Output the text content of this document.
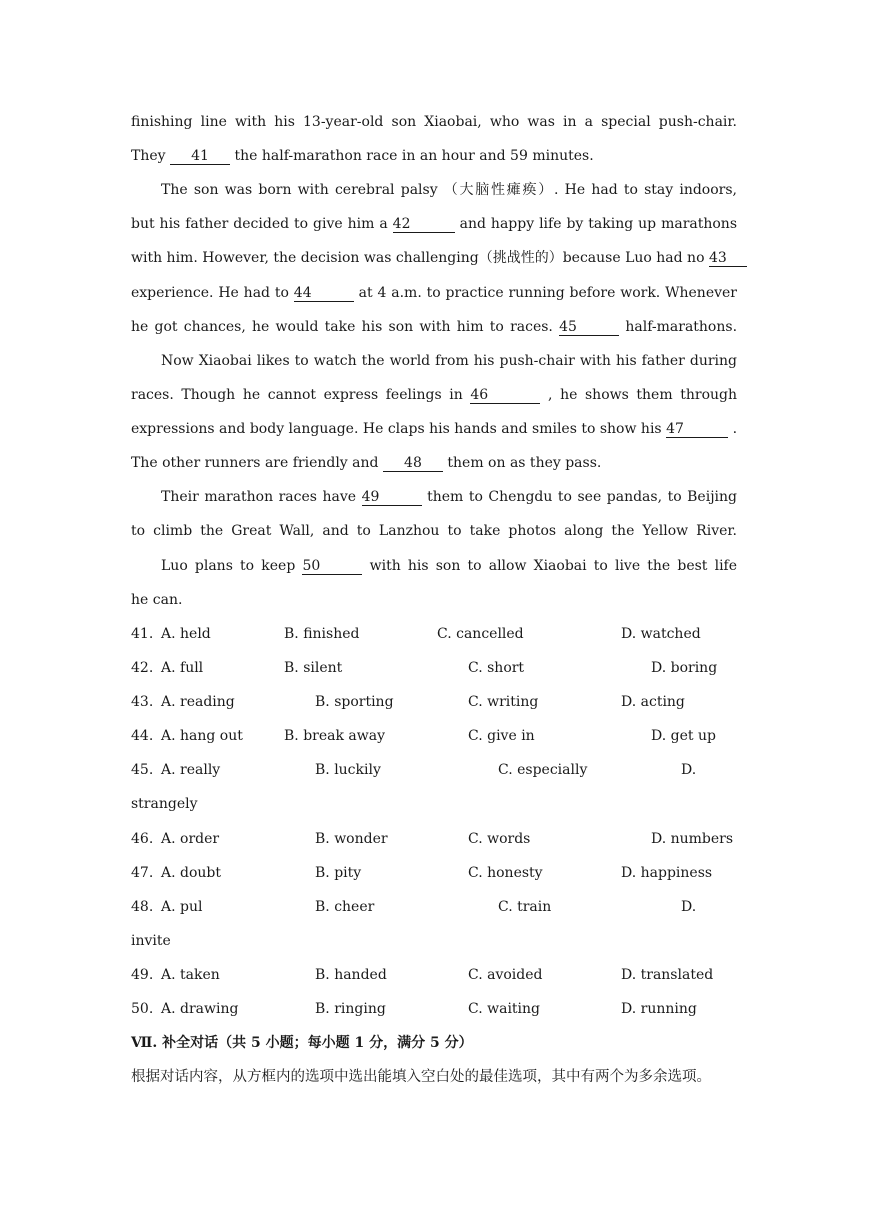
finishing line with his 13-year-old son Xiaobai, who was in a special push-chair.
They 41 the half-marathon race in an hour and 59 minutes.
The son was born with cerebral palsy （大脑性瘫痪）. He had to stay indoors,
but his father decided to give him a 42	and happy life by taking up marathons
with him. However, the decision was challenging（挑战性的）because Luo had no 43
experience. He had to 44	at 4 a.m. to practice running before work. Whenever
he got chances, he would take his son with him to races. 45	half-marathons.
Now Xiaobai likes to watch the world from his push-chair with his father during
races. Though he cannot express feelings in 46	, he shows them through
expressions and body language. He claps his hands and smiles to show his 47	.
The other runners are friendly and 48 them on as they pass.
Their marathon races have 49	them to Chengdu to see pandas, to Beijing
to climb the Great Wall, and to Lanzhou to take photos along the Yellow River.
Luo plans to keep 50	with his son to allow Xiaobai to live the best life
he can.
41. A. held	B. finished	C. cancelled	D. watched
42. A. full	B. silent	C. short	D. boring
43. A. reading	B. sporting	C. writing	D. acting
44. A. hang out	B. break away	C. give in	D. get up
45. A. really	B. luckily	C. especially	D.
strangely
46. A. order	B. wonder	C. words	D. numbers
47. A. doubt	B. pity	C. honesty	D. happiness
48. A. pul	B. cheer	C. train	D.
invite
49. A. taken	B. handed	C. avoided	D. translated
50. A. drawing	B. ringing	C. waiting	D. running
Ⅶ. 补全对话（共 5 小题；每小题 1 分，满分 5 分）
根据对话内容，从方框内的选项中选出能填入空白处的最佳选项，其中有两个为多余选项。
